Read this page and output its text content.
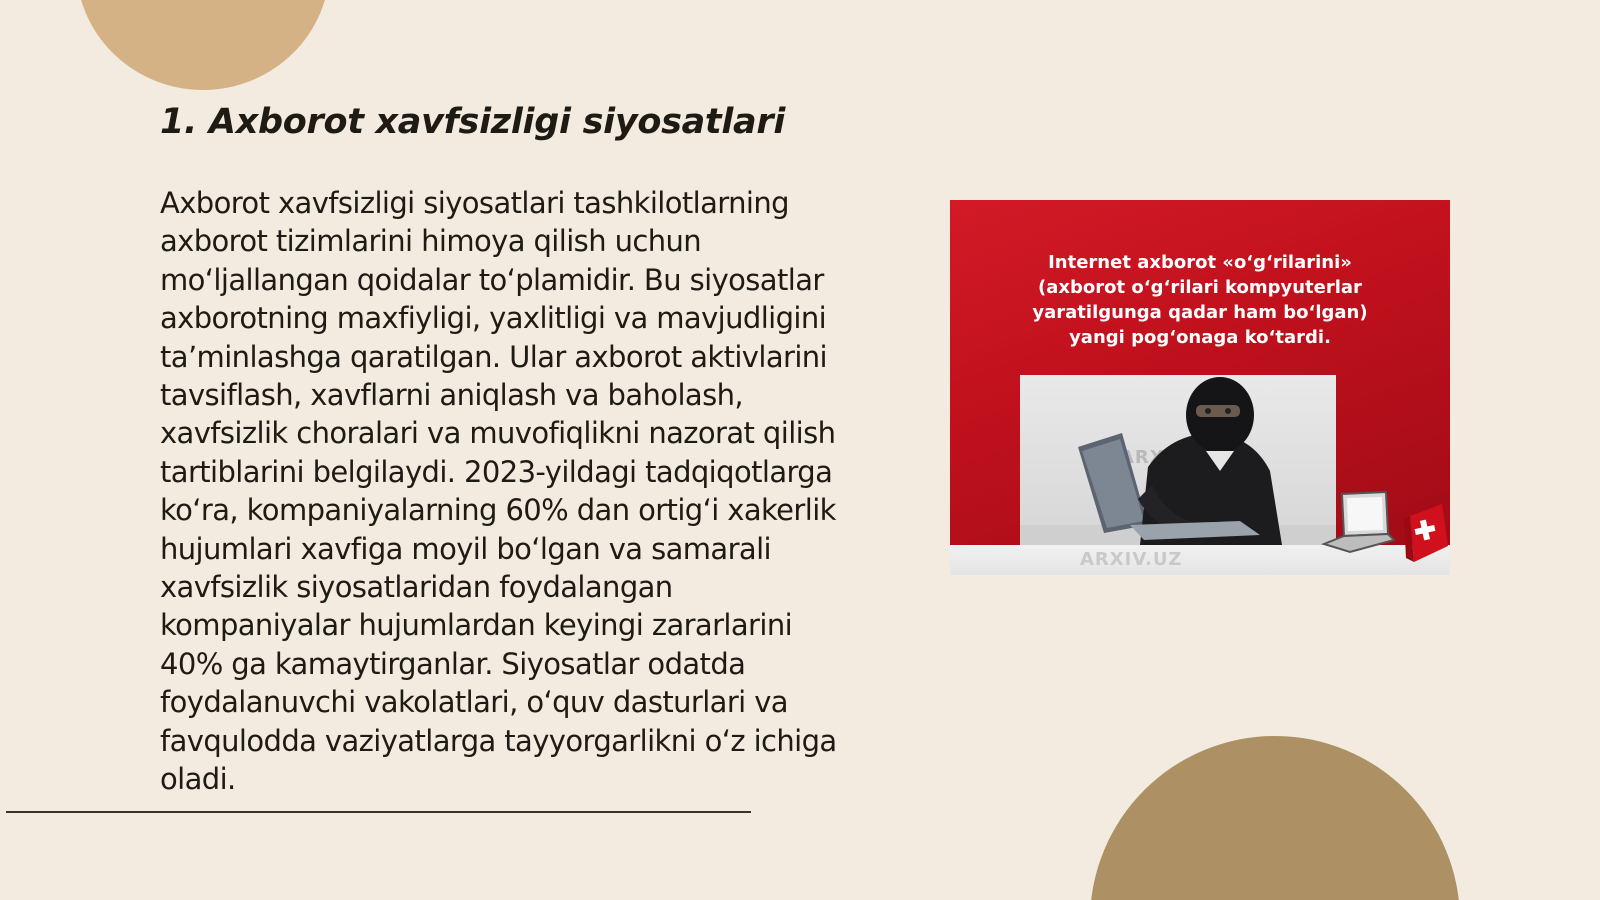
1. Axborot xavfsizligi siyosatlari

Axborot xavfsizligi siyosatlari tashkilotlarning axborot tizimlarini himoya qilish uchun mo‘ljallangan qoidalar to‘plamidir. Bu siyosatlar axborotning maxfiyligi, yaxlitligi va mavjudligini ta’minlashga qaratilgan. Ular axborot aktivlarini tavsiflash, xavflarni aniqlash va baholash, xavfsizlik choralari va muvofiqlikni nazorat qilish tartiblarini belgilaydi. 2023-yildagi tadqiqotlarga ko‘ra, kompaniyalarning 60% dan ortig‘i xakerlik hujumlari xavfiga moyil bo‘lgan va samarali xavfsizlik siyosatlaridan foydalangan kompaniyalar hujumlardan keyingi zararlarini 40% ga kamaytirganlar. Siyosatlar odatda foydalanuvchi vakolatlari, o‘quv dasturlari va favqulodda vaziyatlarga tayyorgarlikni o‘z ichiga oladi.

Internet axborot «o‘g‘rilarini»
(axborot o‘g‘rilari kompyuterlar
yaratilgunga qadar ham bo‘lgan)
yangi pog‘onaga ko‘tardi.

ARXIV.UZ
